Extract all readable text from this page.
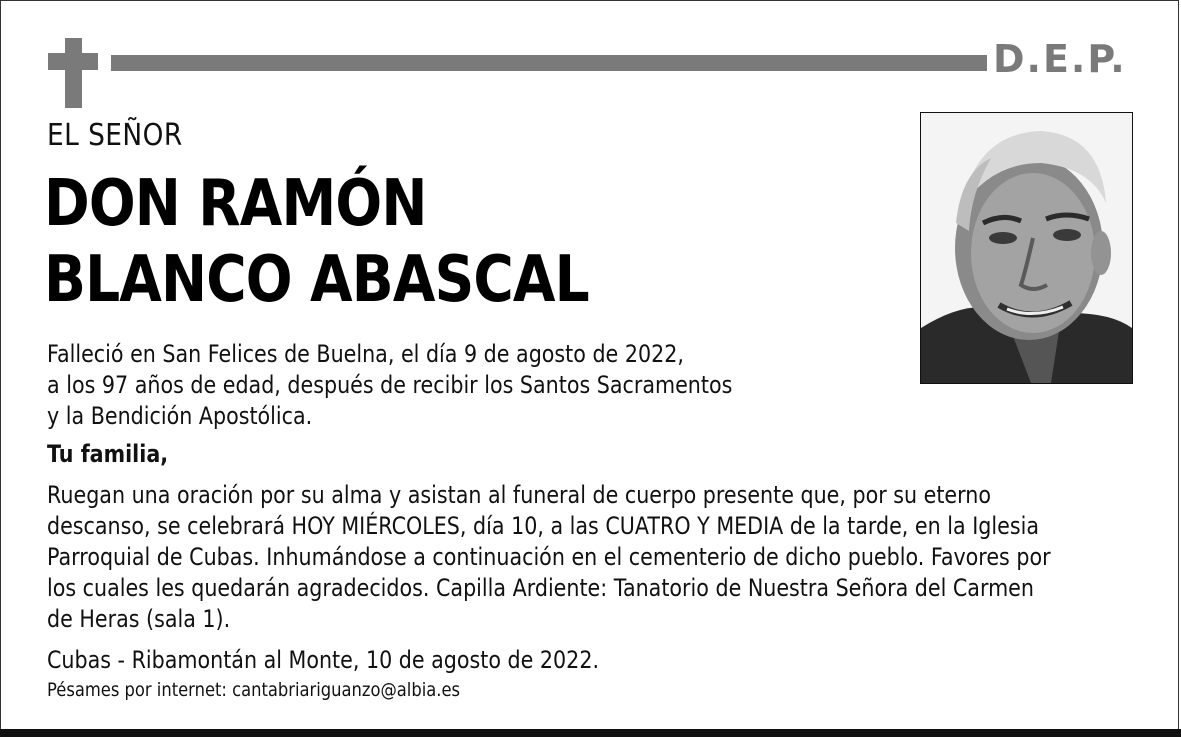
D.E.P.
EL SEÑOR
DON RAMÓN
BLANCO ABASCAL
Falleció en San Felices de Buelna, el día 9 de agosto de 2022,
a los 97 años de edad, después de recibir los Santos Sacramentos
y la Bendición Apostólica.
Tu familia,
Ruegan una oración por su alma y asistan al funeral de cuerpo presente que, por su eterno
descanso, se celebrará HOY MIÉRCOLES, día 10, a las CUATRO Y MEDIA de la tarde, en la Iglesia
Parroquial de Cubas. Inhumándose a continuación en el cementerio de dicho pueblo. Favores por
los cuales les quedarán agradecidos. Capilla Ardiente: Tanatorio de Nuestra Señora del Carmen
de Heras (sala 1).
Cubas - Ribamontán al Monte, 10 de agosto de 2022.
Pésames por internet: cantabriariguanzo@albia.es
